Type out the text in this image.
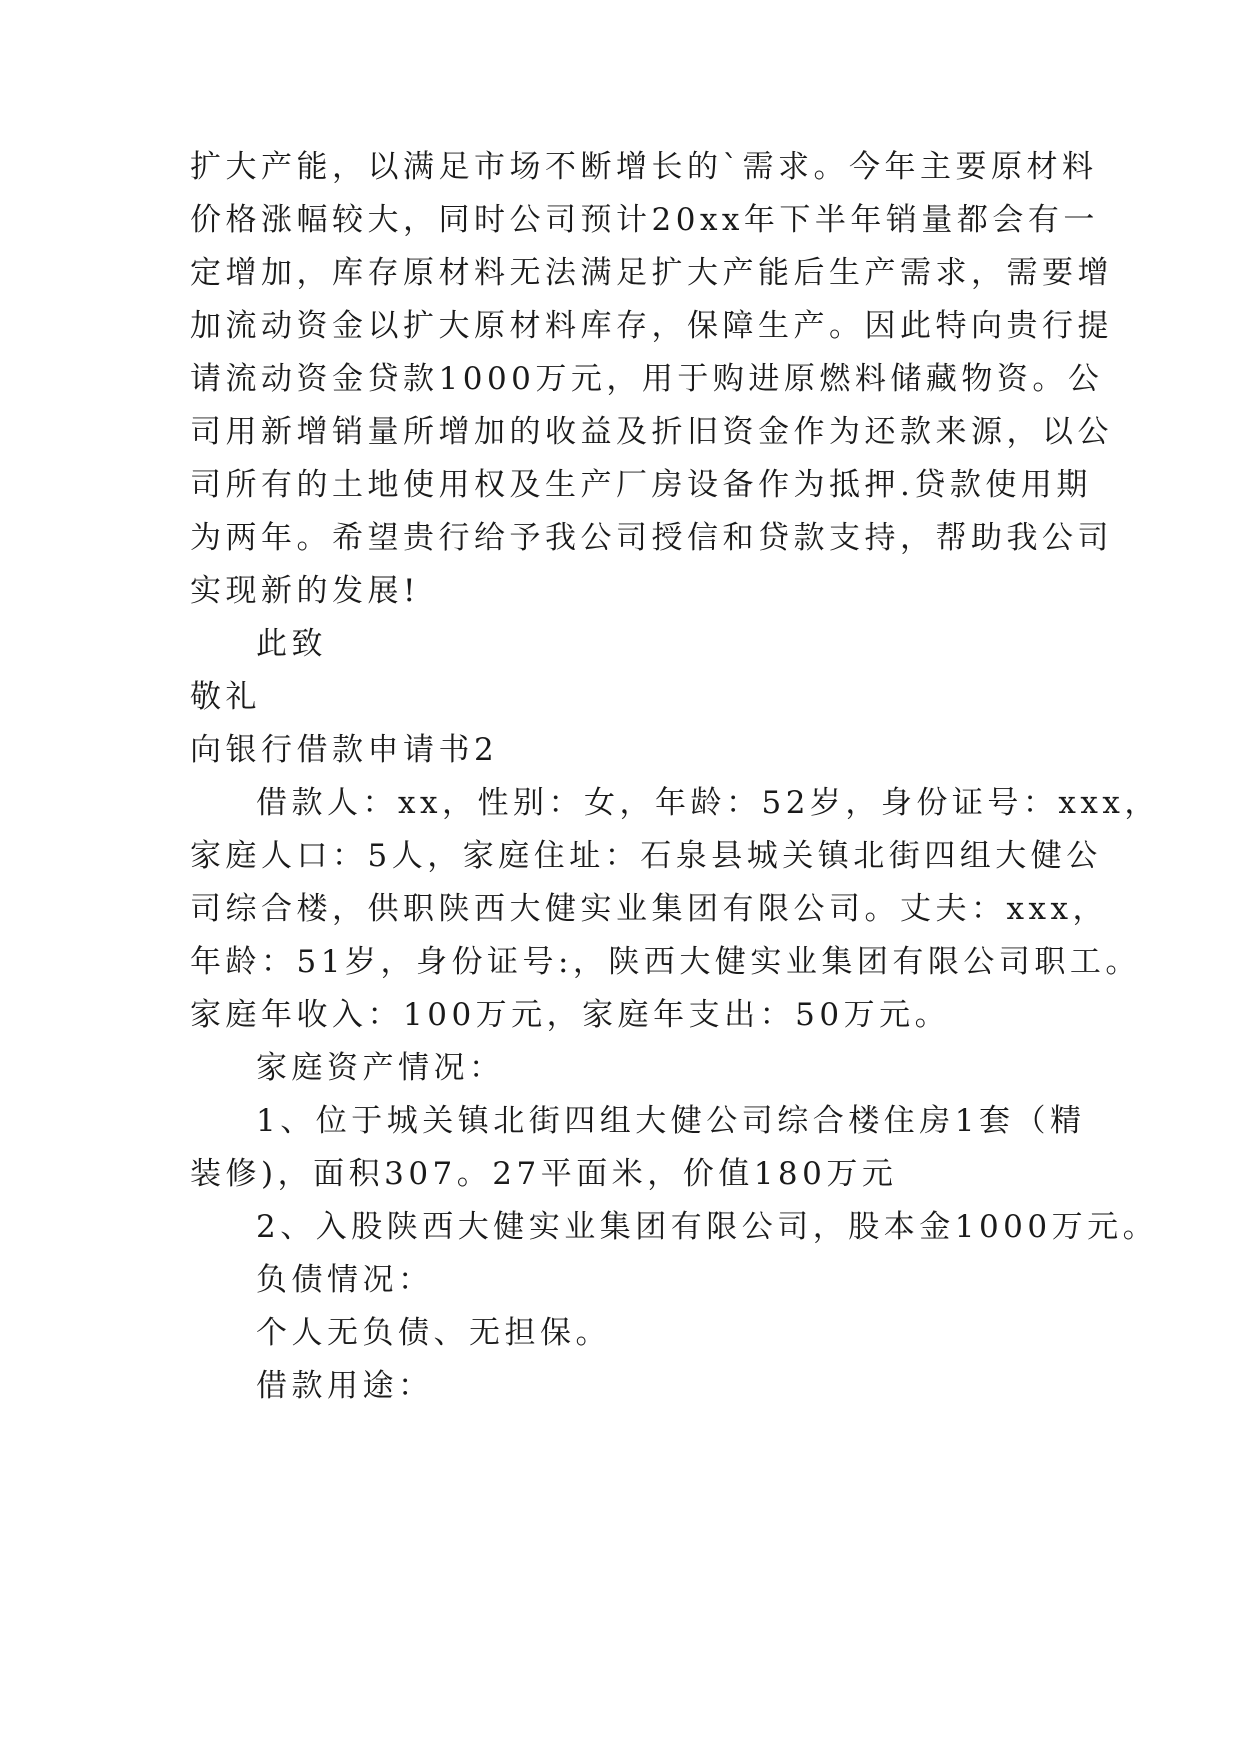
扩大产能，以满足市场不断增长的`需求。今年主要原材料
价格涨幅较大，同时公司预计20xx年下半年销量都会有一
定增加，库存原材料无法满足扩大产能后生产需求，需要增
加流动资金以扩大原材料库存，保障生产。因此特向贵行提
请流动资金贷款1000万元，用于购进原燃料储藏物资。公
司用新增销量所增加的收益及折旧资金作为还款来源，以公
司所有的土地使用权及生产厂房设备作为抵押.贷款使用期
为两年。希望贵行给予我公司授信和贷款支持，帮助我公司
实现新的发展!
此致
敬礼
向银行借款申请书2
借款人：xx，性别：女，年龄：52岁，身份证号：xxx，
家庭人口：5人，家庭住址：石泉县城关镇北街四组大健公
司综合楼，供职陕西大健实业集团有限公司。丈夫：xxx，
年龄：51岁，身份证号:，陕西大健实业集团有限公司职工。
家庭年收入：100万元，家庭年支出：50万元。
家庭资产情况：
1、位于城关镇北街四组大健公司综合楼住房1套（精
装修)，面积307。27平面米，价值180万元
2、入股陕西大健实业集团有限公司，股本金1000万元。
负债情况：
个人无负债、无担保。
借款用途：
